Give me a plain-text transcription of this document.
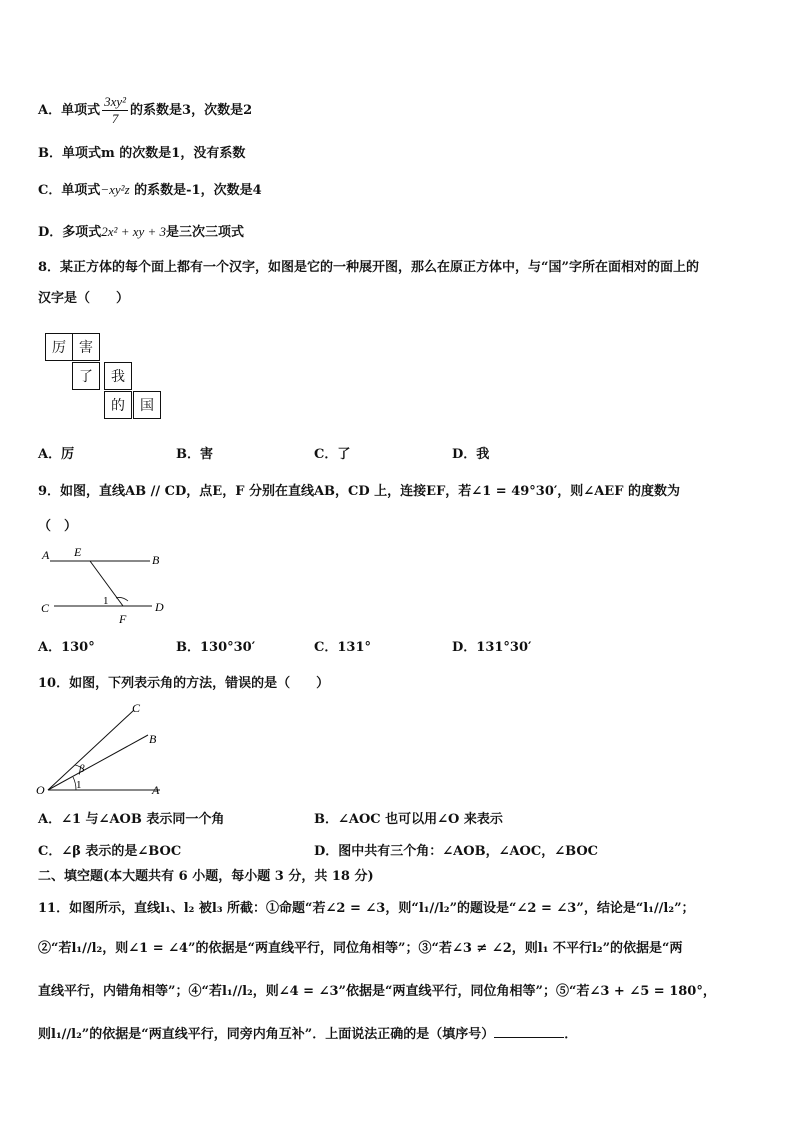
A．单项式 $\frac{\text{3xy²}}{7}$ 的系数是3，次数是2
B．单项式m 的次数是1，没有系数
C．单项式−xy²z 的系数是-1，次数是4
D．多项式2x² + xy + 3是三次三项式
8．某正方体的每个面上都有一个汉字，如图是它的一种展开图，那么在原正方体中，与“国”字所在面相对的面上的
汉字是（　　）
厉 害
了	我
的	国
A．厉	B．害	C．了	D．我
9．如图，直线AB // CD，点E，F 分别在直线AB，CD 上，连接EF，若∠1 = 49°30′，则∠AEF 的度数为
（　）
A E
B
C	1	D
F
A．130°	B．130°30′	C．131°	D．131°30′
10．如图，下列表示角的方法，错误的是（　　）
C
B
β
O	1	A
A．∠1 与∠AOB 表示同一个角	B．∠AOC 也可以用∠O 来表示
C．∠β 表示的是∠BOC	D．图中共有三个角：∠AOB，∠AOC，∠BOC
二、填空题(本大题共有 6 小题，每小题 3 分，共 18 分)
11．如图所示，直线l₁、l₂ 被l₃ 所截：①命题“若∠2 = ∠3，则“l₁//l₂”的题设是“∠2 = ∠3”，结论是“l₁//l₂”；
②“若l₁//l₂，则∠1 = ∠4”的依据是“两直线平行，同位角相等”；③“若∠3 ≠ ∠2，则l₁ 不平行l₂”的依据是“两
直线平行，内错角相等”；④“若l₁//l₂，则∠4 = ∠3”依据是“两直线平行，同位角相等”；⑤“若∠3 + ∠5 = 180°，
则l₁//l₂”的依据是“两直线平行，同旁内角互补”．上面说法正确的是（填序号）	．
